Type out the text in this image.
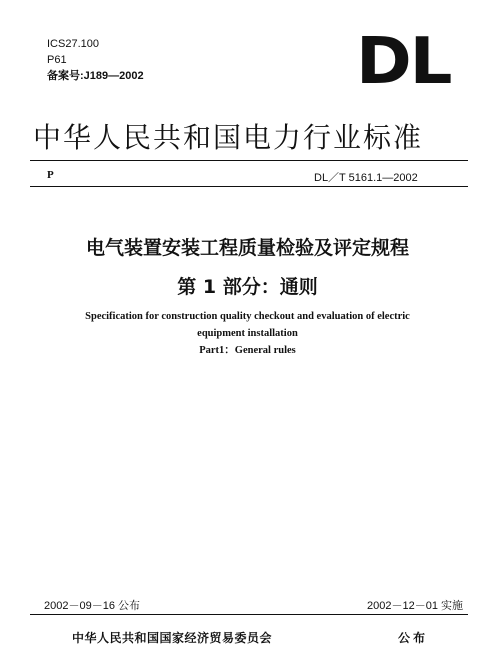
ICS27.100
P61
备案号:J189—2002	DL
中华人民共和国电力行业标准
P	DL／T 5161.1—2002
电气装置安装工程质量检验及评定规程
第 1 部分：通则
Specification for construction quality checkout and evaluation of electric
equipment installation
Part1：General rules
2002－09－16 公布	2002－12－01 实施
中华人民共和国国家经济贸易委员会	公布
